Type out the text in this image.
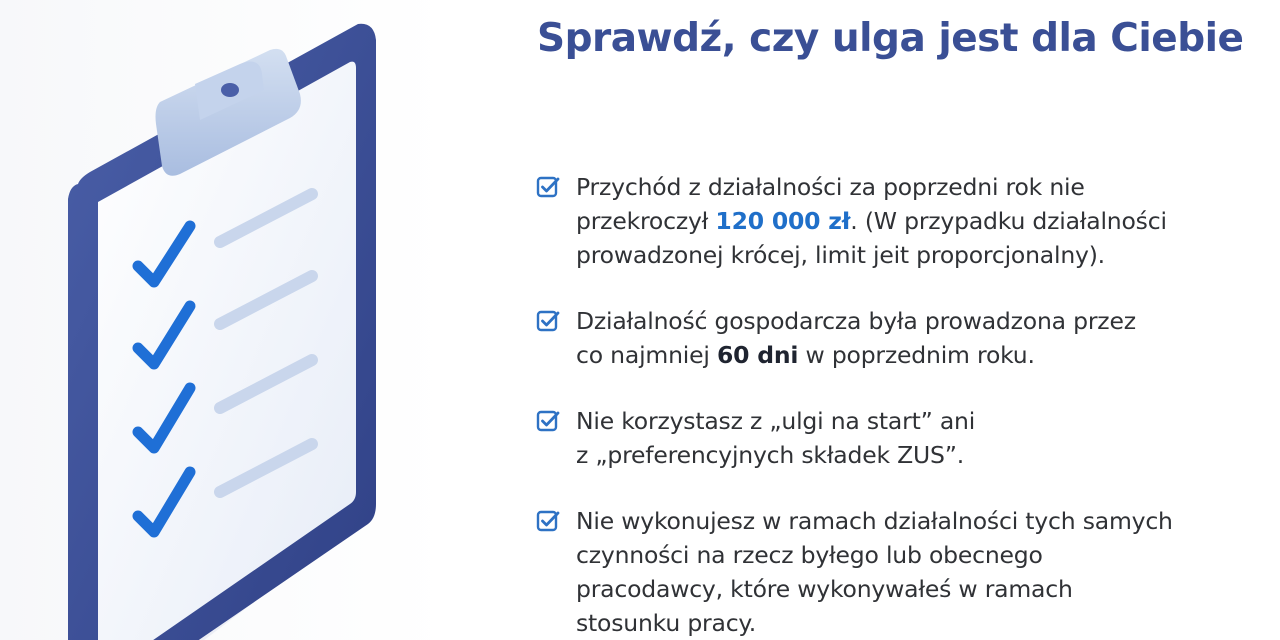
Sprawdź, czy ulga jest dla Ciebie
Przychód z działalności za poprzedni rok nie
przekroczył 120 000 zł. (W przypadku działalności
prowadzonej krócej, limit jeit proporcjonalny).
Działalność gospodarcza była prowadzona przez
co najmniej 60 dni w poprzednim roku.
Nie korzystasz z „ulgi na start” ani
z „preferencyjnych składek ZUS”.
Nie wykonujesz w ramach działalności tych samych
czynności na rzecz byłego lub obecnego
pracodawcy, które wykonywałeś w ramach
stosunku pracy.
